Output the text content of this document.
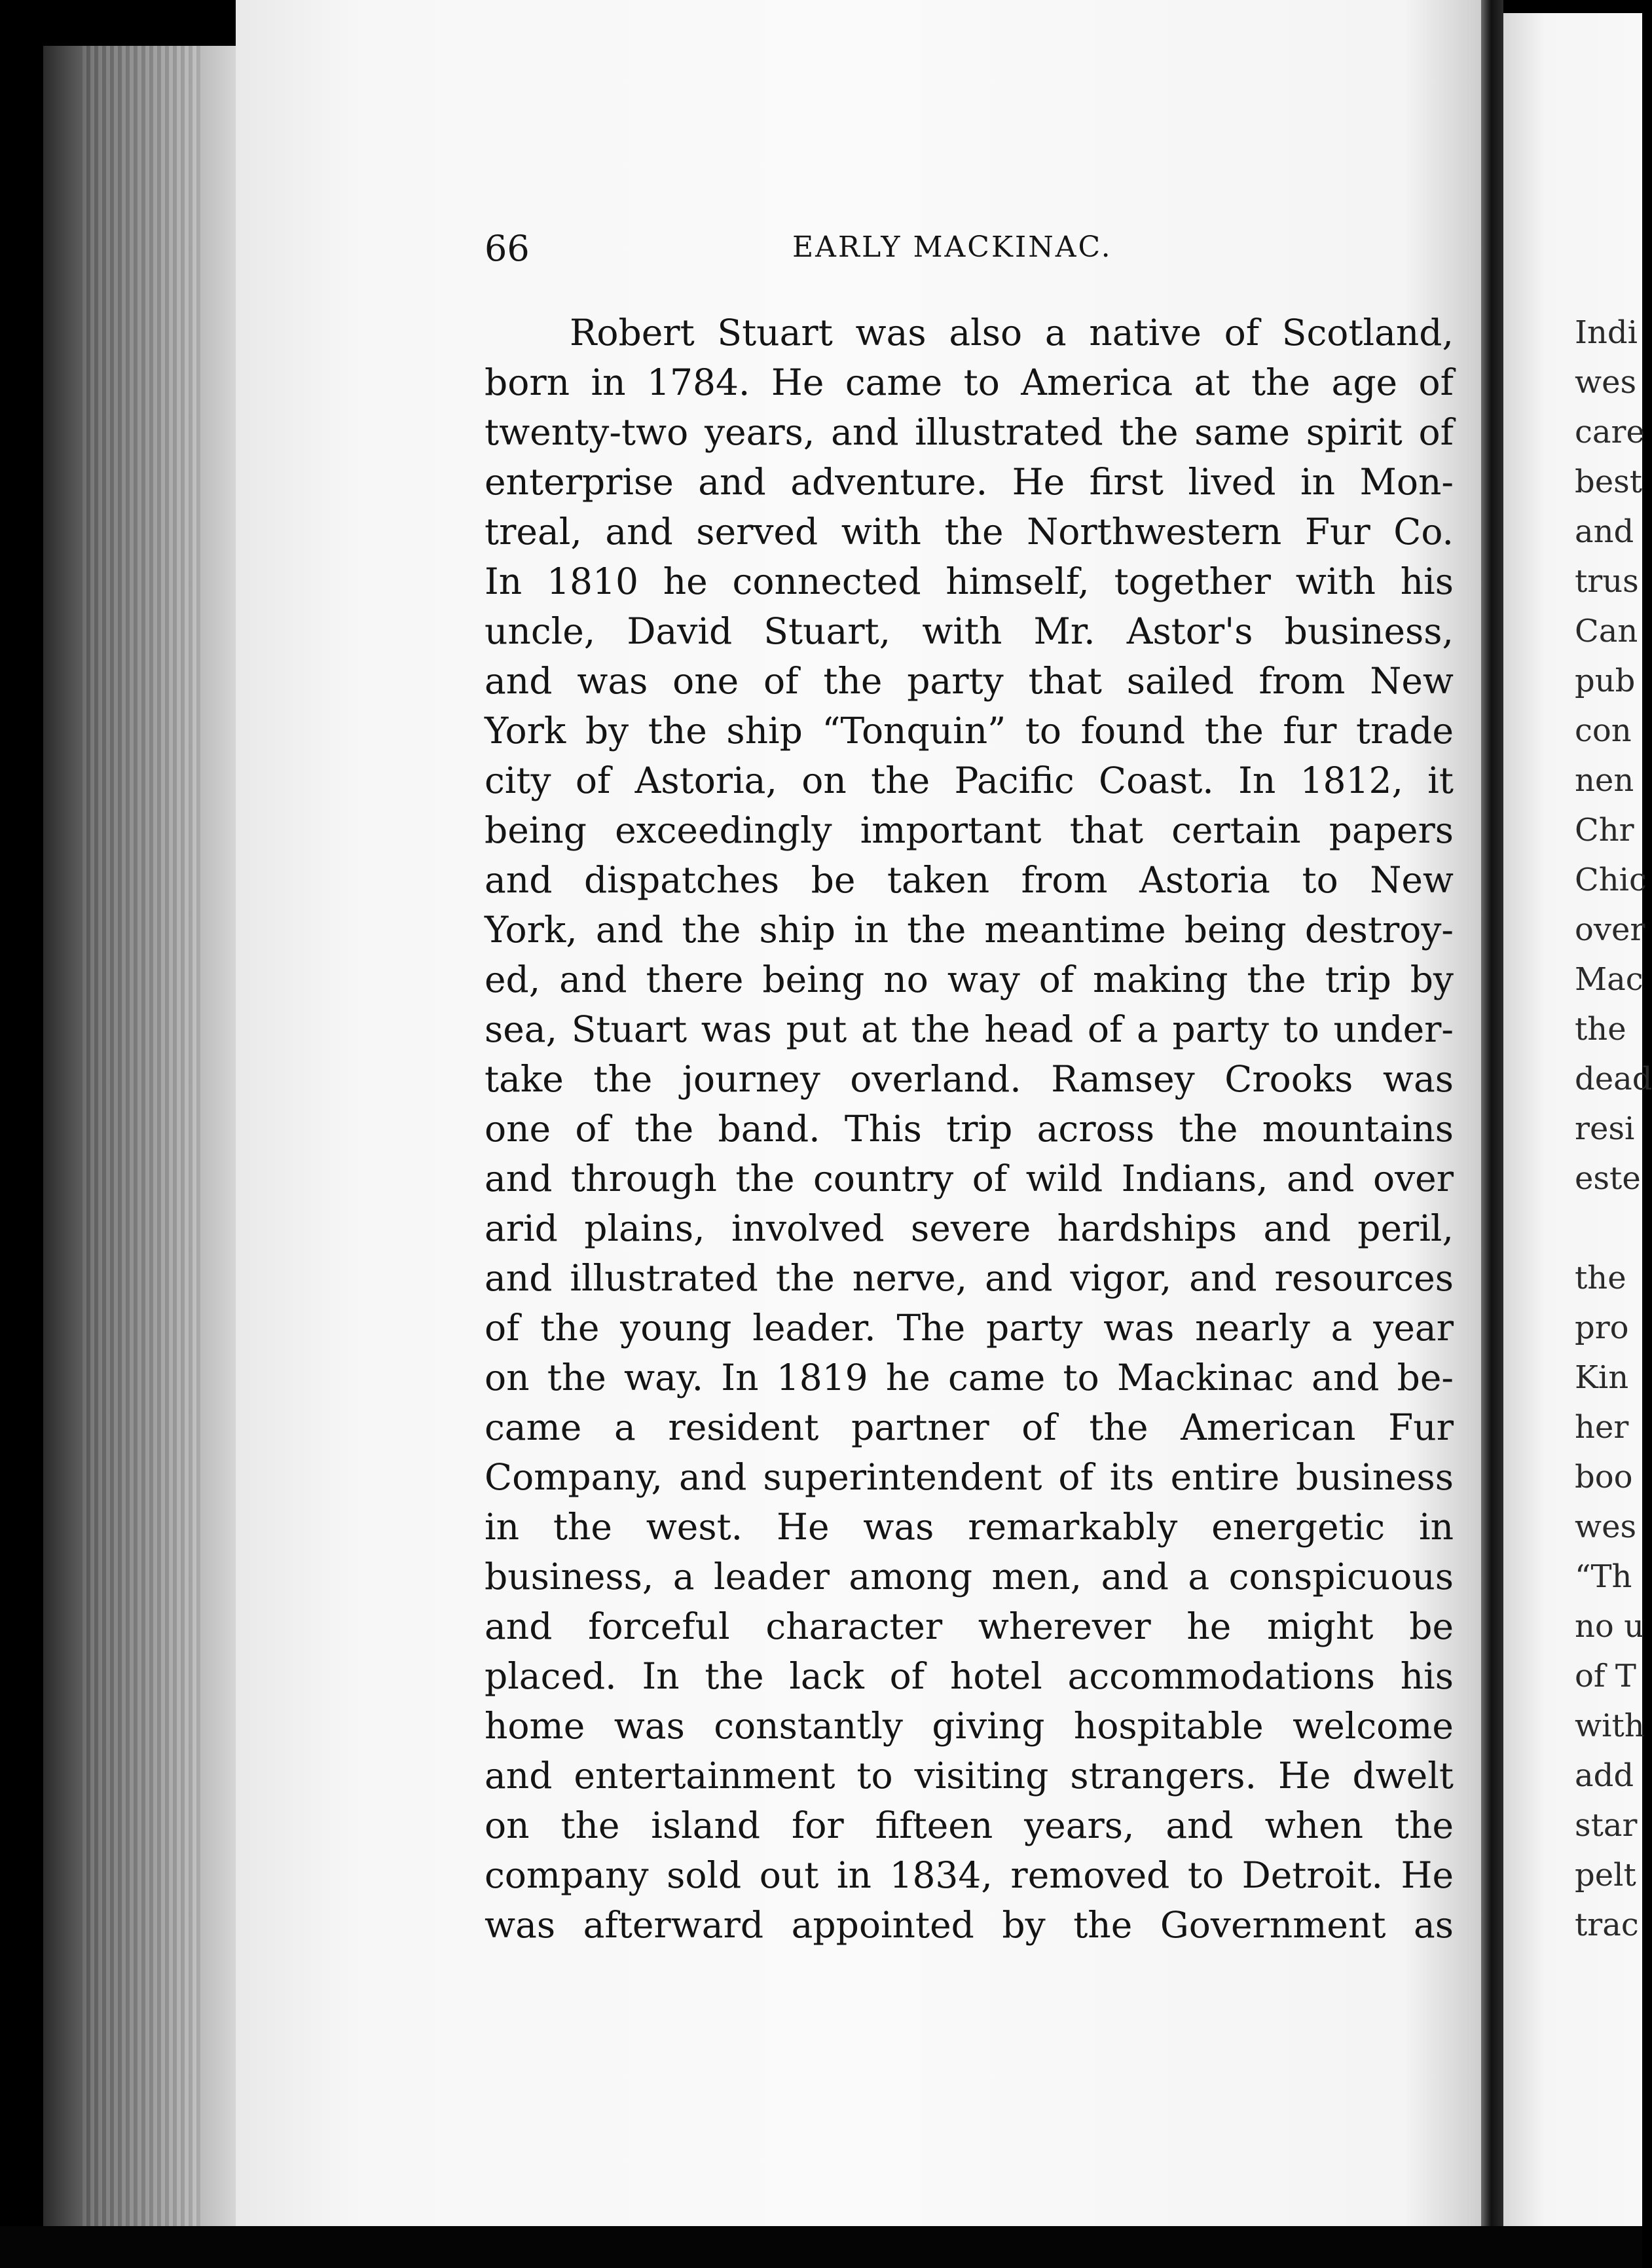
66	EARLY MACKINAC.
Robert Stuart was also a native of Scotland,
born in 1784. He came to America at the age of
twenty-two years, and illustrated the same spirit of
enterprise and adventure. He first lived in Mon-
treal, and served with the Northwestern Fur Co.
In 1810 he connected himself, together with his
uncle, David Stuart, with Mr. Astor's business,
and was one of the party that sailed from New
York by the ship “Tonquin” to found the fur trade
city of Astoria, on the Pacific Coast. In 1812, it
being exceedingly important that certain papers
and dispatches be taken from Astoria to New
York, and the ship in the meantime being destroy-
ed, and there being no way of making the trip by
sea, Stuart was put at the head of a party to under-
take the journey overland. Ramsey Crooks was
one of the band. This trip across the mountains
and through the country of wild Indians, and over
arid plains, involved severe hardships and peril,
and illustrated the nerve, and vigor, and resources
of the young leader. The party was nearly a year
on the way. In 1819 he came to Mackinac and be-
came a resident partner of the American Fur
Company, and superintendent of its entire business
in the west. He was remarkably energetic in
business, a leader among men, and a conspicuous
and forceful character wherever he might be
placed. In the lack of hotel accommodations his
home was constantly giving hospitable welcome
and entertainment to visiting strangers. He dwelt
on the island for fifteen years, and when the
company sold out in 1834, removed to Detroit. He
was afterward appointed by the Government as
Indi
wes
care
best
and
trus
Can
pub
con
nen
Chr
Chic
over
Mac
the
dead
resi
este
the
pro
Kin
her
boo
wes
“Th
no u
of T
with
add
star
pelt
trac
